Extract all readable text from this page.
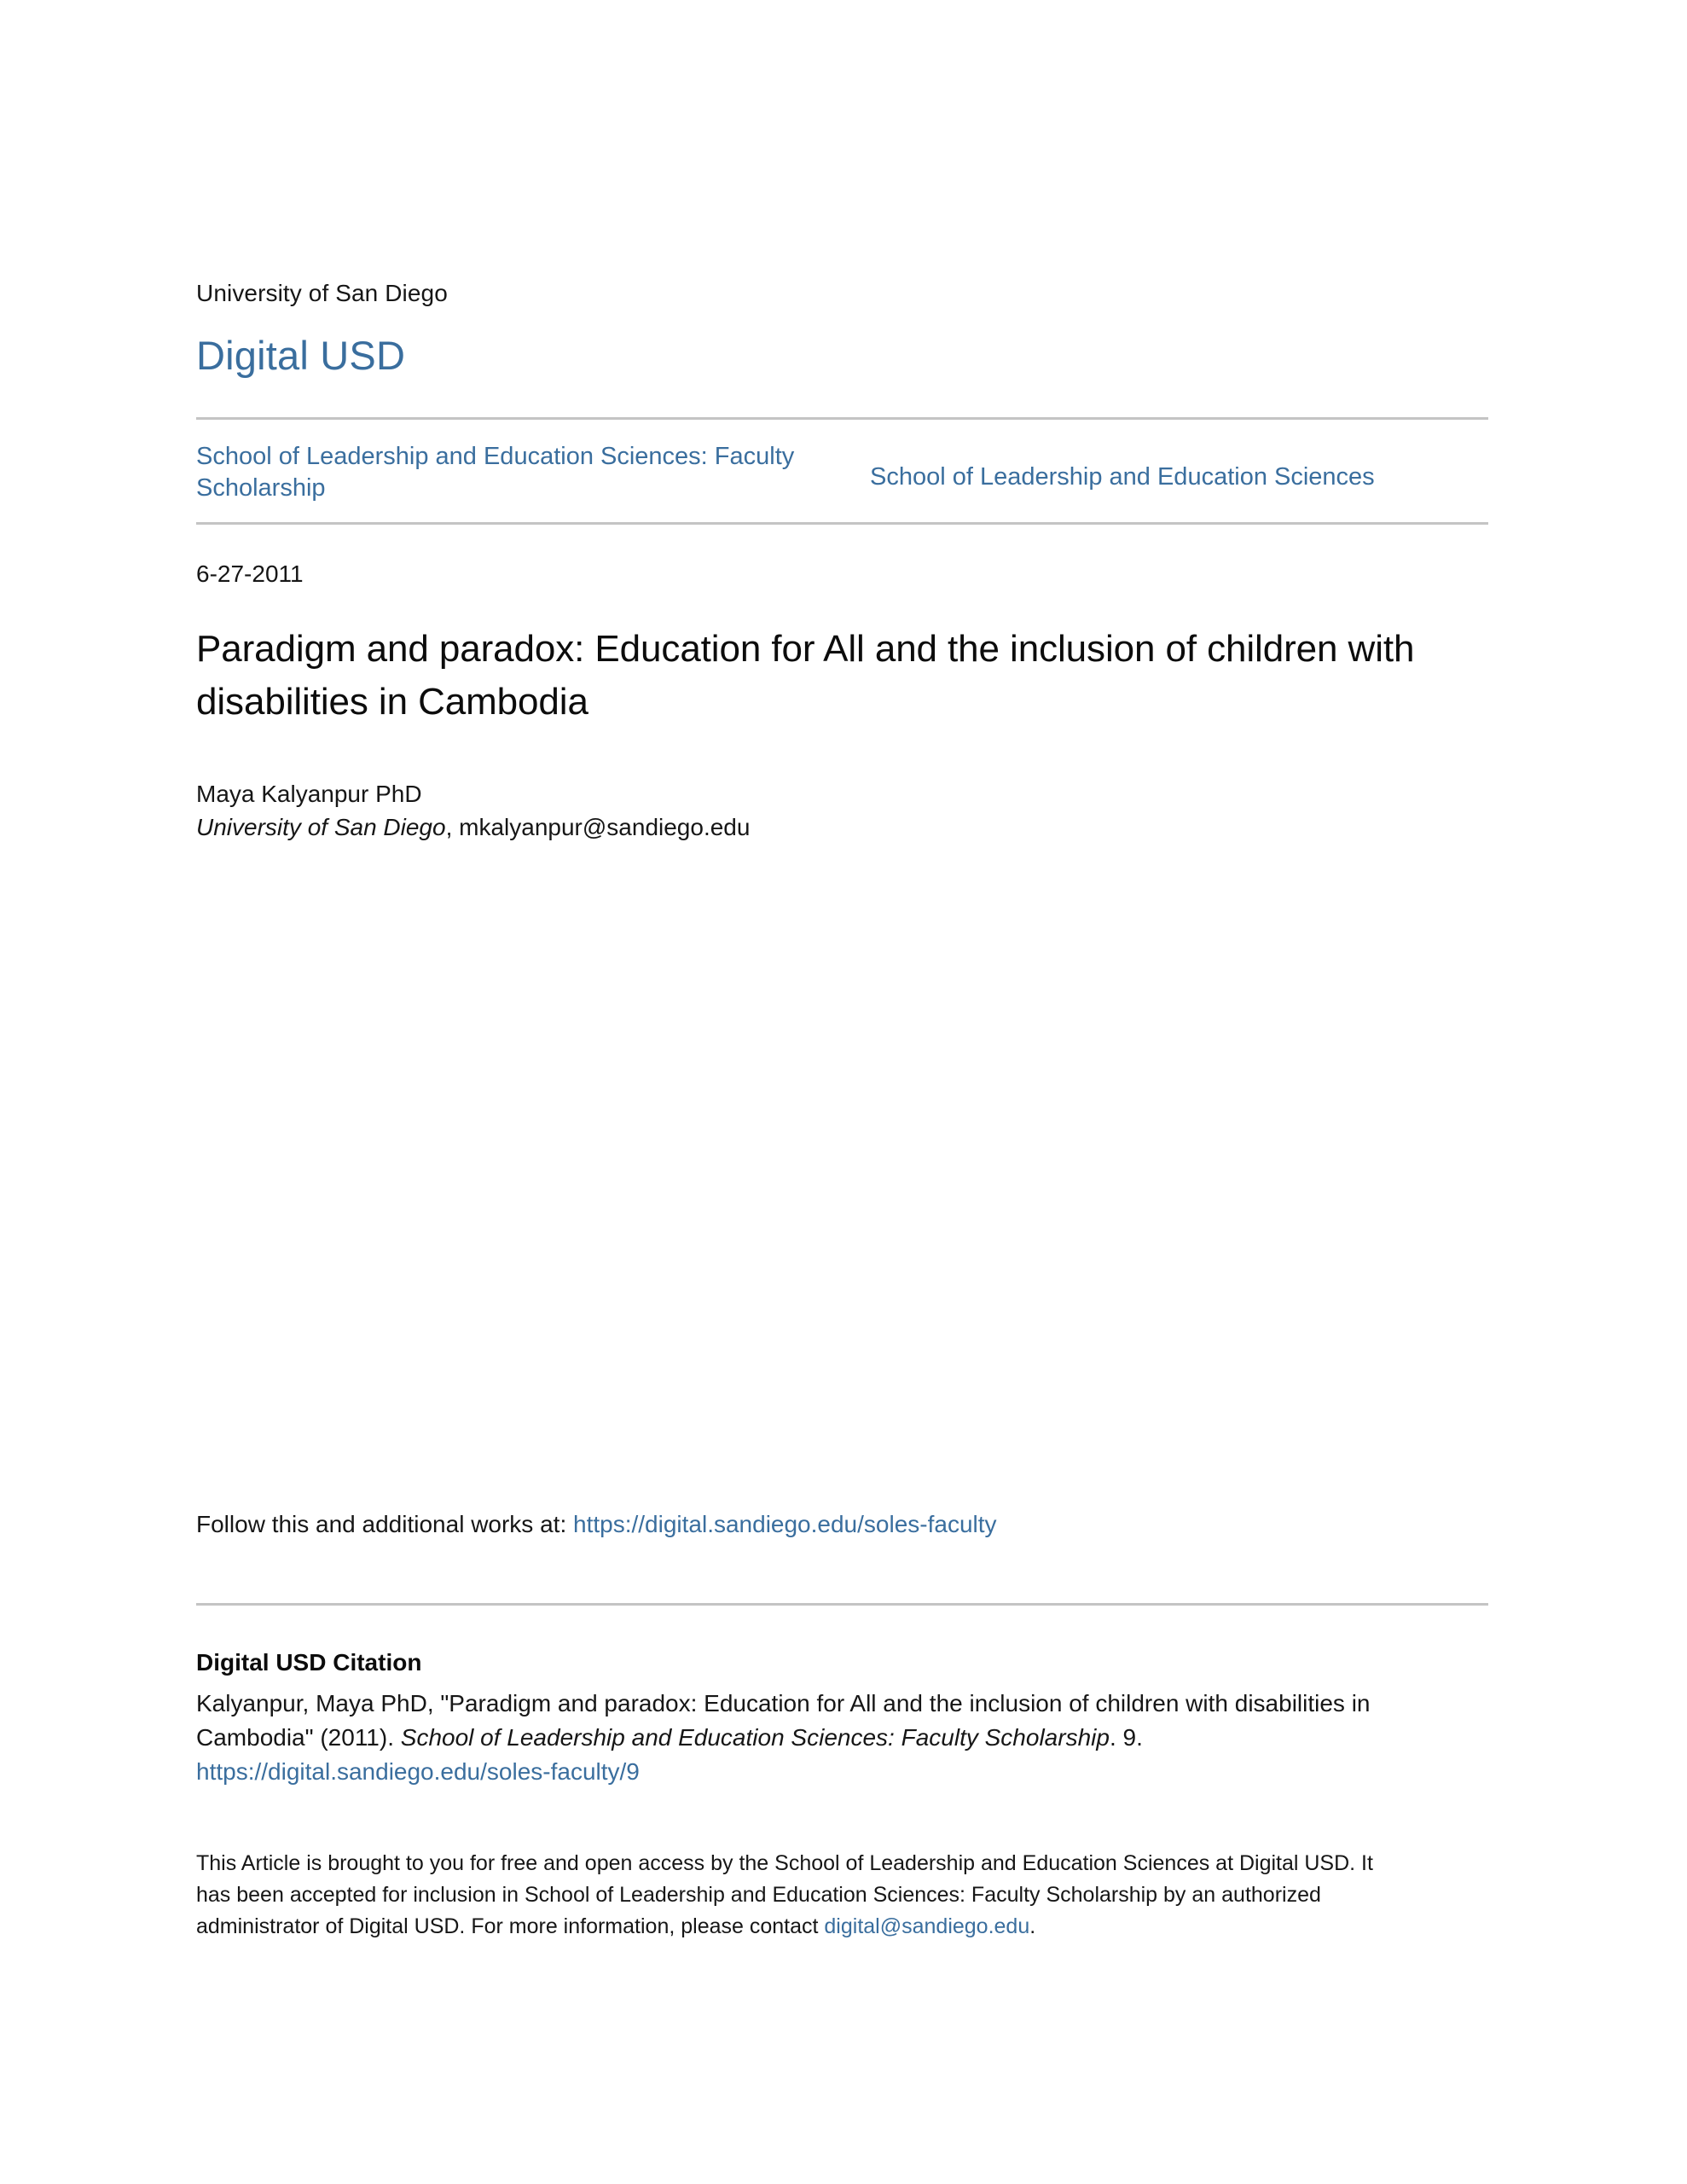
University of San Diego
Digital USD
School of Leadership and Education Sciences: Faculty Scholarship	School of Leadership and Education Sciences
6-27-2011
Paradigm and paradox: Education for All and the inclusion of children with disabilities in Cambodia
Maya Kalyanpur PhD
University of San Diego, mkalyanpur@sandiego.edu
Follow this and additional works at: https://digital.sandiego.edu/soles-faculty
Digital USD Citation
Kalyanpur, Maya PhD, "Paradigm and paradox: Education for All and the inclusion of children with disabilities in Cambodia" (2011). School of Leadership and Education Sciences: Faculty Scholarship. 9. https://digital.sandiego.edu/soles-faculty/9
This Article is brought to you for free and open access by the School of Leadership and Education Sciences at Digital USD. It has been accepted for inclusion in School of Leadership and Education Sciences: Faculty Scholarship by an authorized administrator of Digital USD. For more information, please contact digital@sandiego.edu.
